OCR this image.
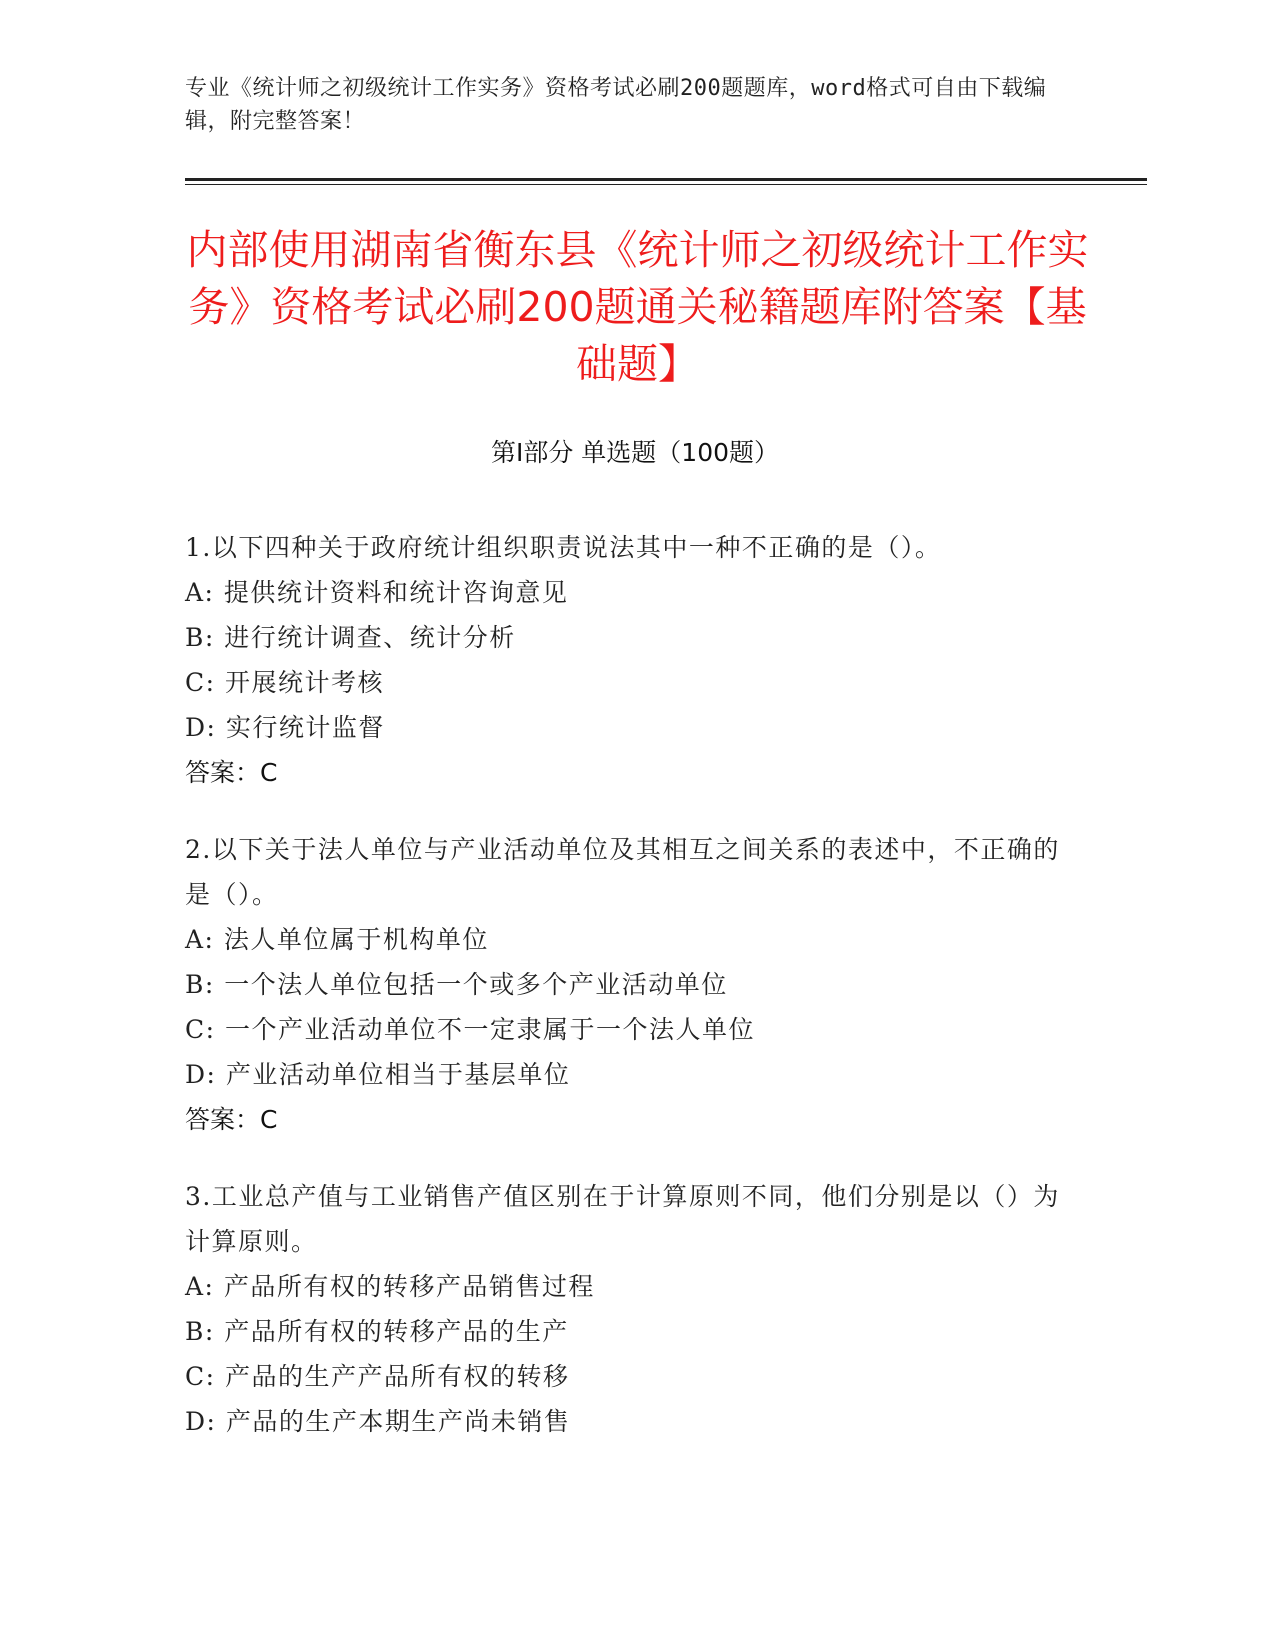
专业《统计师之初级统计工作实务》资格考试必刷200题题库，word格式可自由下载编辑，附完整答案！
内部使用湖南省衡东县《统计师之初级统计工作实务》资格考试必刷200题通关秘籍题库附答案【基础题】
第Ⅰ部分 单选题（100题）
1.以下四种关于政府统计组织职责说法其中一种不正确的是（）。
A: 提供统计资料和统计咨询意见
B: 进行统计调查、统计分析
C: 开展统计考核
D: 实行统计监督
答案：C
2.以下关于法人单位与产业活动单位及其相互之间关系的表述中，不正确的是（）。
A: 法人单位属于机构单位
B: 一个法人单位包括一个或多个产业活动单位
C: 一个产业活动单位不一定隶属于一个法人单位
D: 产业活动单位相当于基层单位
答案：C
3.工业总产值与工业销售产值区别在于计算原则不同，他们分别是以（）为计算原则。
A: 产品所有权的转移产品销售过程
B: 产品所有权的转移产品的生产
C: 产品的生产产品所有权的转移
D: 产品的生产本期生产尚未销售
